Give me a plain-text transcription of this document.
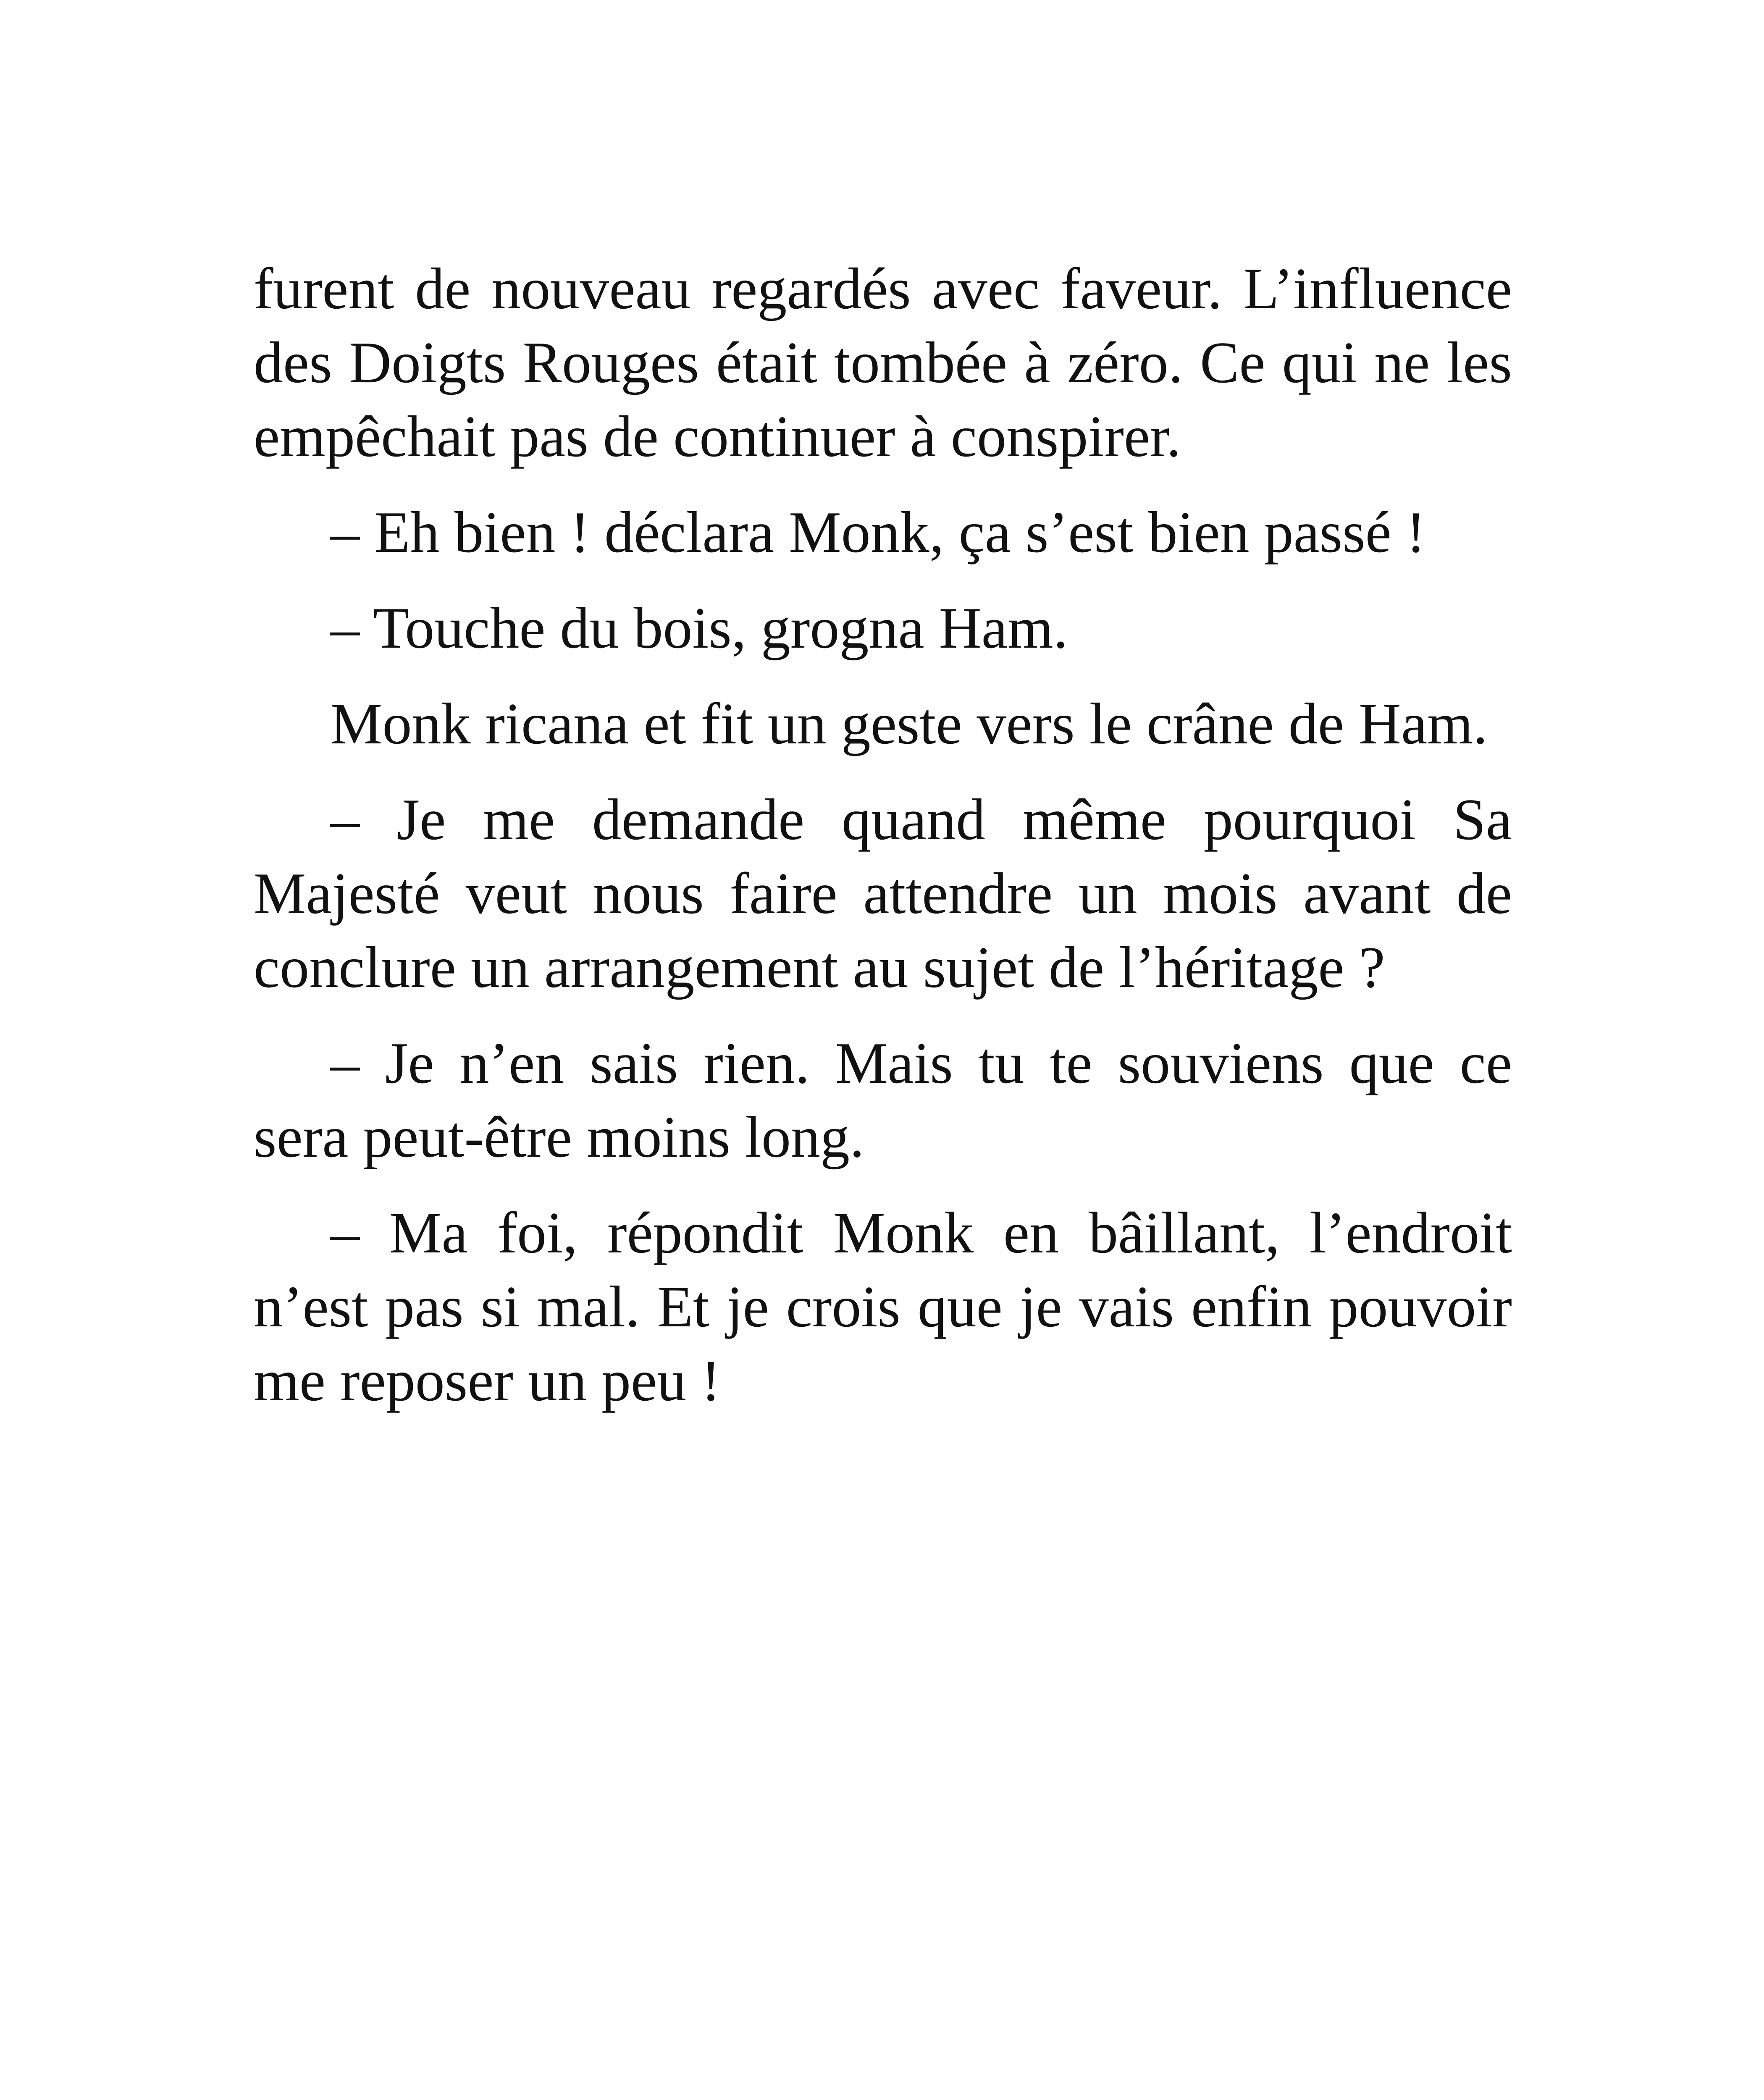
furent de nouveau regardés avec faveur. L’influence des Doigts Rouges était tombée à zéro. Ce qui ne les empêchait pas de continuer à conspirer.

– Eh bien ! déclara Monk, ça s’est bien passé !

– Touche du bois, grogna Ham.

Monk ricana et fit un geste vers le crâne de Ham.

– Je me demande quand même pourquoi Sa Majesté veut nous faire attendre un mois avant de conclure un arrangement au sujet de l’héritage ?

– Je n’en sais rien. Mais tu te souviens que ce sera peut-être moins long.

– Ma foi, répondit Monk en bâillant, l’endroit n’est pas si mal. Et je crois que je vais enfin pouvoir me reposer un peu !
